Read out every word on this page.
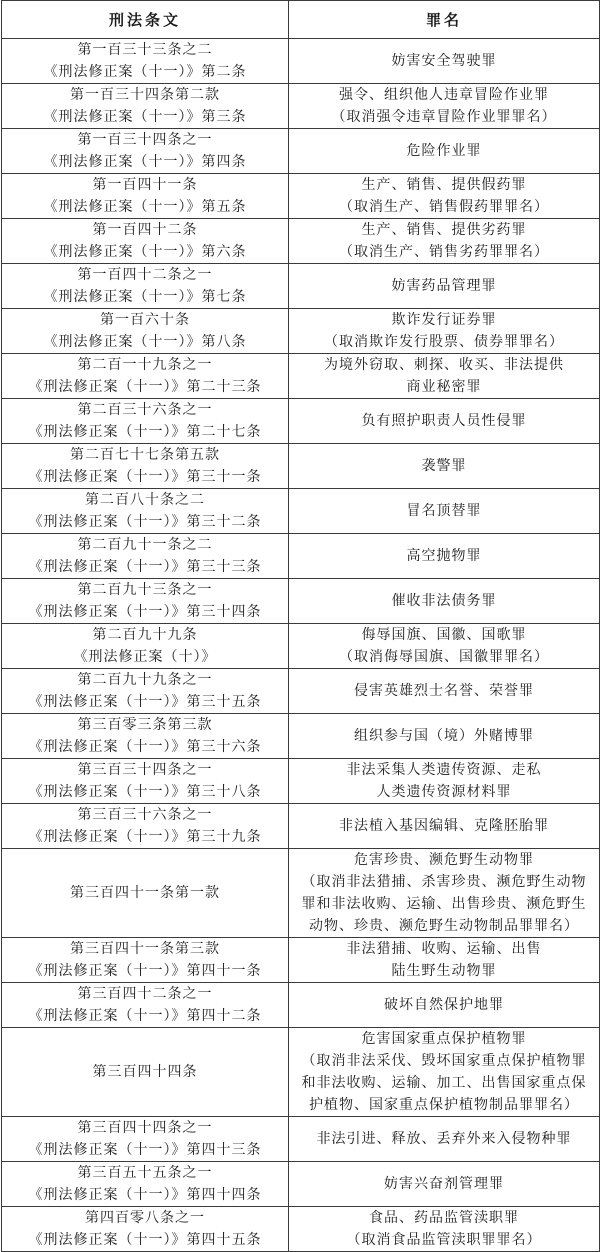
刑法条文	罪名

第一百三十三条之二
《刑法修正案（十一）》第二条	妨害安全驾驶罪

第一百三十四条第二款
《刑法修正案（十一）》第三条	强令、组织他人违章冒险作业罪
（取消强令违章冒险作业罪罪名）

第一百三十四条之一
《刑法修正案（十一）》第四条	危险作业罪

第一百四十一条
《刑法修正案（十一）》第五条	生产、销售、提供假药罪
（取消生产、销售假药罪罪名）

第一百四十二条
《刑法修正案（十一）》第六条	生产、销售、提供劣药罪
（取消生产、销售劣药罪罪名）

第一百四十二条之一
《刑法修正案（十一）》第七条	妨害药品管理罪

第一百六十条
《刑法修正案（十一）》第八条	欺诈发行证券罪
（取消欺诈发行股票、债券罪罪名）

第二百一十九条之一
《刑法修正案（十一）》第二十三条	为境外窃取、刺探、收买、非法提供
商业秘密罪

第二百三十六条之一
《刑法修正案（十一）》第二十七条	负有照护职责人员性侵罪

第二百七十七条第五款
《刑法修正案（十一）》第三十一条	袭警罪

第二百八十条之二
《刑法修正案（十一）》第三十二条	冒名顶替罪

第二百九十一条之二
《刑法修正案（十一）》第三十三条	高空抛物罪

第二百九十三条之一
《刑法修正案（十一）》第三十四条	催收非法债务罪

第二百九十九条
《刑法修正案（十）》	侮辱国旗、国徽、国歌罪
（取消侮辱国旗、国徽罪罪名）

第二百九十九条之一
《刑法修正案（十一）》第三十五条	侵害英雄烈士名誉、荣誉罪

第三百零三条第三款
《刑法修正案（十一）》第三十六条	组织参与国（境）外赌博罪

第三百三十四条之一
《刑法修正案（十一）》第三十八条	非法采集人类遗传资源、走私
人类遗传资源材料罪

第三百三十六条之一
《刑法修正案（十一）》第三十九条	非法植入基因编辑、克隆胚胎罪

第三百四十一条第一款	危害珍贵、濒危野生动物罪
（取消非法猎捕、杀害珍贵、濒危野生动物
罪和非法收购、运输、出售珍贵、濒危野生
动物、珍贵、濒危野生动物制品罪罪名）

第三百四十一条第三款
《刑法修正案（十一）》第四十一条	非法猎捕、收购、运输、出售
陆生野生动物罪

第三百四十二条之一
《刑法修正案（十一）》第四十二条	破坏自然保护地罪

第三百四十四条	危害国家重点保护植物罪
（取消非法采伐、毁坏国家重点保护植物罪
和非法收购、运输、加工、出售国家重点保
护植物、国家重点保护植物制品罪罪名）

第三百四十四条之一
《刑法修正案（十一）》第四十三条	非法引进、释放、丢弃外来入侵物种罪

第三百五十五条之一
《刑法修正案（十一）》第四十四条	妨害兴奋剂管理罪

第四百零八条之一
《刑法修正案（十一）》第四十五条	食品、药品监管渎职罪
（取消食品监管渎职罪罪名）
